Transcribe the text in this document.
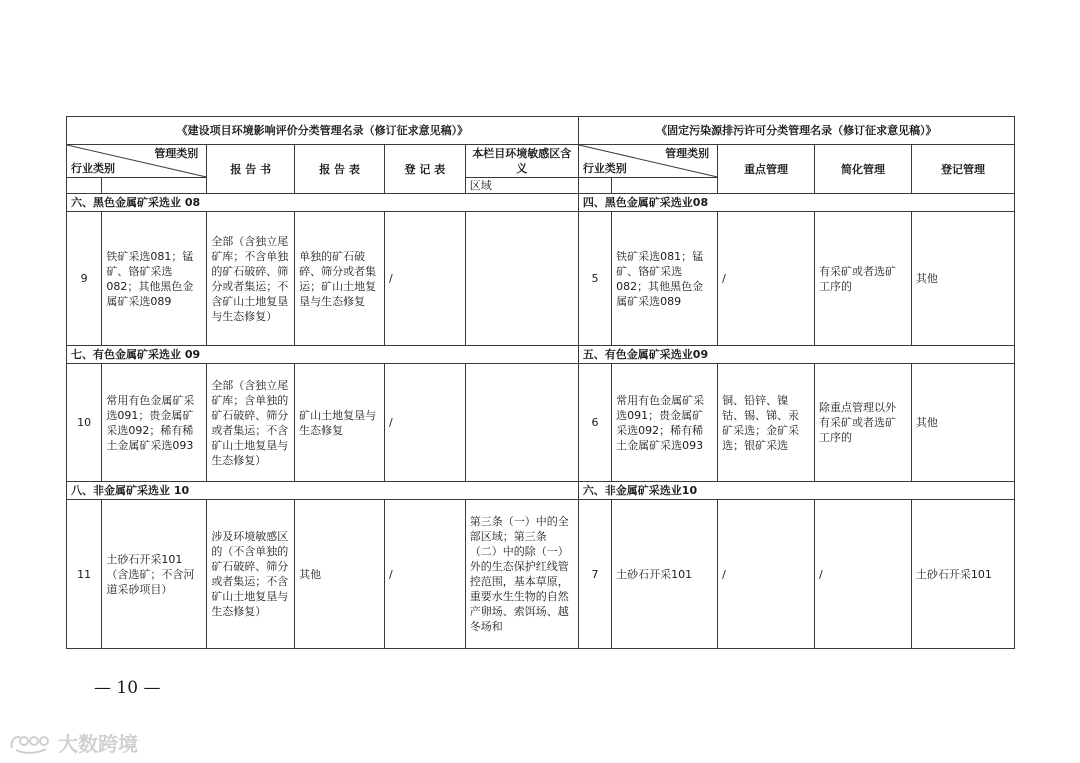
《建设项目环境影响评价分类管理名录（修订征求意见稿）》						《固定污染源排污许可分类管理名录（修订征求意见稿）》				

管理类别
行业类别		报 告 书	报 告 表	登 记 表	本栏目环境敏感区含义	管理类别
行业类别		重点管理	简化管理	登记管理
					区域					
六、黑色金属矿采选业 08						四、黑色金属矿采选业08				
9	铁矿采选081；锰矿、铬矿采选082；其他黑色金属矿采选089	全部（含独立尾矿库；不含单独的矿石破碎、筛分或者集运；不含矿山土地复垦与生态修复）	单独的矿石破碎、筛分或者集运；矿山土地复垦与生态修复	/		5	铁矿采选081；锰矿、铬矿采选082；其他黑色金属矿采选089	/	有采矿或者选矿工序的	其他
七、有色金属矿采选业 09						五、有色金属矿采选业09				
10	常用有色金属矿采选091；贵金属矿采选092；稀有稀土金属矿采选093	全部（含独立尾矿库；含单独的矿石破碎、筛分或者集运；不含矿山土地复垦与生态修复）	矿山土地复垦与生态修复	/		6	常用有色金属矿采选091；贵金属矿采选092；稀有稀土金属矿采选093	铜、铅锌、镍钴、锡、锑、汞矿采选；金矿采选；银矿采选	除重点管理以外有采矿或者选矿工序的	其他
八、非金属矿采选业 10						六、非金属矿采选业10				
11	土砂石开采101（含选矿；不含河道采砂项目）	涉及环境敏感区的（不含单独的矿石破碎、筛分或者集运；不含矿山土地复垦与生态修复）	其他	/	第三条（一）中的全部区域；第三条（二）中的除（一）外的生态保护红线管控范围，基本草原，重要水生生物的自然产卵场、索饵场、越冬场和	7	土砂石开采101	/	/	土砂石开采101
— 10 —
大数跨境
